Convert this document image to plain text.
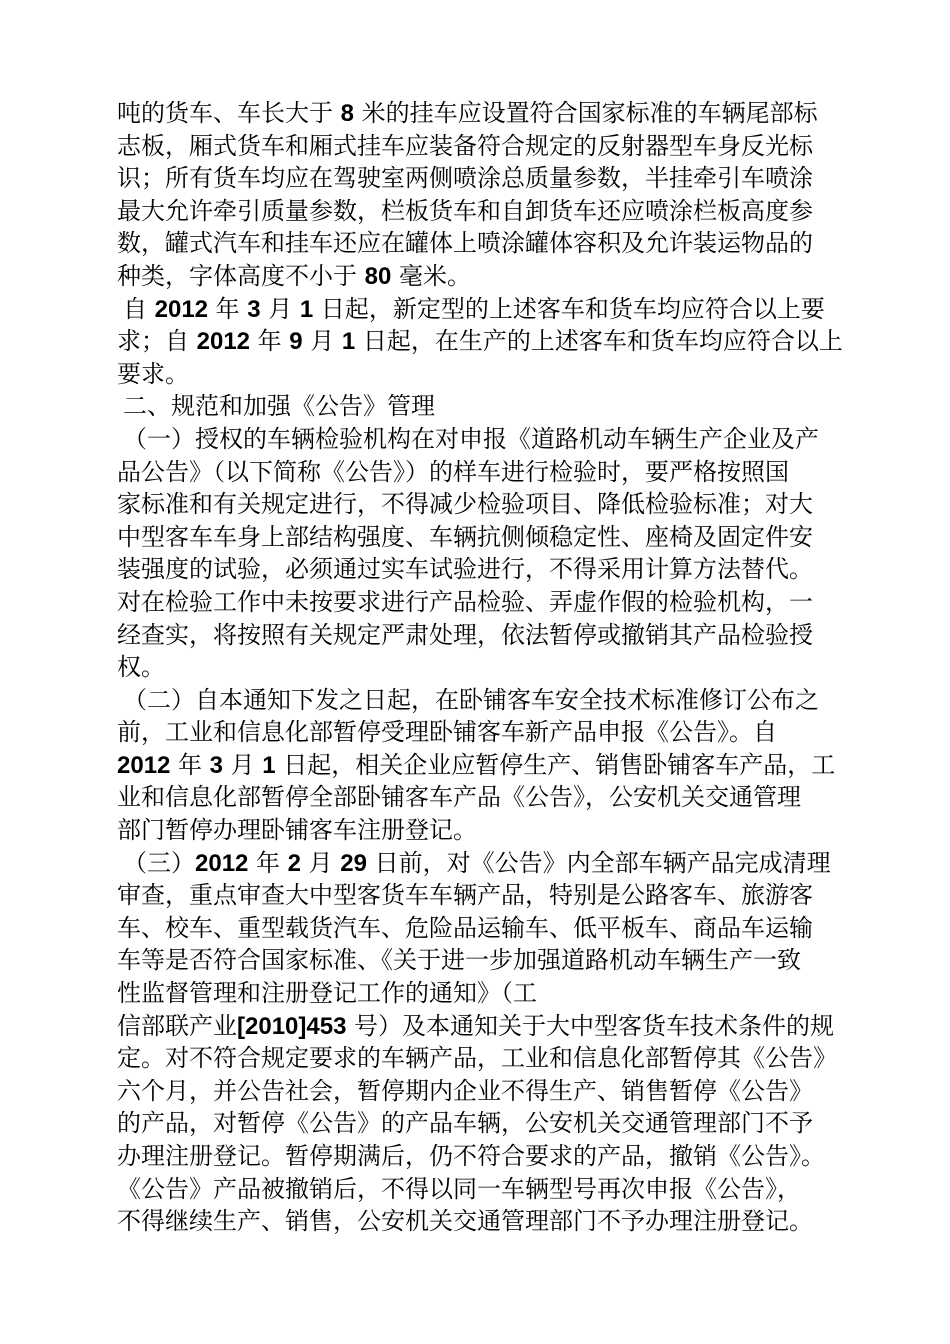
吨的货车、车长大于 8 米的挂车应设置符合国家标准的车辆尾部标
志板，厢式货车和厢式挂车应装备符合规定的反射器型车身反光标
识；所有货车均应在驾驶室两侧喷涂总质量参数，半挂牵引车喷涂
最大允许牵引质量参数，栏板货车和自卸货车还应喷涂栏板高度参
数，罐式汽车和挂车还应在罐体上喷涂罐体容积及允许装运物品的
种类，字体高度不小于 80 毫米。
自 2012 年 3 月 1 日起，新定型的上述客车和货车均应符合以上要
求；自 2012 年 9 月 1 日起，在生产的上述客车和货车均应符合以上
要求。
二、规范和加强《公告》管理
（一）授权的车辆检验机构在对申报《道路机动车辆生产企业及产
品公告》（以下简称《公告》）的样车进行检验时，要严格按照国
家标准和有关规定进行，不得减少检验项目、降低检验标准；对大
中型客车车身上部结构强度、车辆抗侧倾稳定性、座椅及固定件安
装强度的试验，必须通过实车试验进行，不得采用计算方法替代。
对在检验工作中未按要求进行产品检验、弄虚作假的检验机构，一
经查实，将按照有关规定严肃处理，依法暂停或撤销其产品检验授
权。
（二）自本通知下发之日起，在卧铺客车安全技术标准修订公布之
前，工业和信息化部暂停受理卧铺客车新产品申报《公告》。自
2012 年 3 月 1 日起，相关企业应暂停生产、销售卧铺客车产品，工
业和信息化部暂停全部卧铺客车产品《公告》，公安机关交通管理
部门暂停办理卧铺客车注册登记。
（三）2012 年 2 月 29 日前，对《公告》内全部车辆产品完成清理
审查，重点审查大中型客货车车辆产品，特别是公路客车、旅游客
车、校车、重型载货汽车、危险品运输车、低平板车、商品车运输
车等是否符合国家标准、《关于进一步加强道路机动车辆生产一致
性监督管理和注册登记工作的通知》（工
信部联产业[2010]453 号）及本通知关于大中型客货车技术条件的规
定。对不符合规定要求的车辆产品，工业和信息化部暂停其《公告》
六个月，并公告社会，暂停期内企业不得生产、销售暂停《公告》
的产品，对暂停《公告》的产品车辆，公安机关交通管理部门不予
办理注册登记。暂停期满后，仍不符合要求的产品，撤销《公告》。
《公告》产品被撤销后，不得以同一车辆型号再次申报《公告》，
不得继续生产、销售，公安机关交通管理部门不予办理注册登记。
